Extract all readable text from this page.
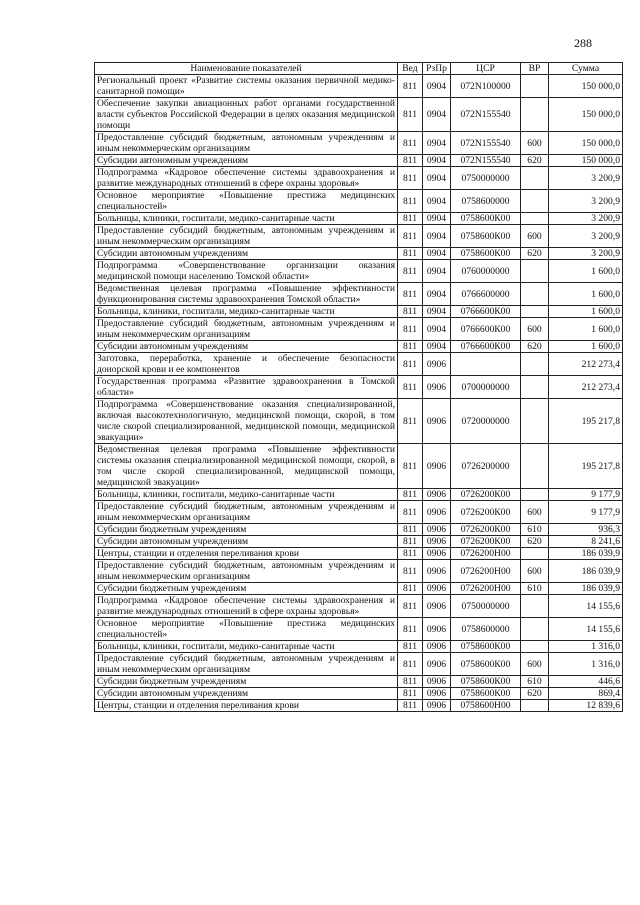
288
Наименование показателей	Вед	РзПр	ЦСР	ВР	Сумма
Региональный проект «Развитие системы оказания первичной медико-санитарной помощи»	811	0904	072N100000		150 000,0
Обеспечение закупки авиационных работ органами государственной власти субъектов Российской Федерации в целях оказания медицинской помощи	811	0904	072N155540		150 000,0
Предоставление субсидий бюджетным, автономным учреждениям и иным некоммерческим организациям	811	0904	072N155540	600	150 000,0
Субсидии автономным учреждениям	811	0904	072N155540	620	150 000,0
Подпрограмма «Кадровое обеспечение системы здравоохранения и развитие международных отношений в сфере охраны здоровья»	811	0904	0750000000		3 200,9
Основное мероприятие «Повышение престижа медицинских специальностей»	811	0904	0758600000		3 200,9
Больницы, клиники, госпитали, медико-санитарные части	811	0904	0758600К00		3 200,9
Предоставление субсидий бюджетным, автономным учреждениям и иным некоммерческим организациям	811	0904	0758600К00	600	3 200,9
Субсидии автономным учреждениям	811	0904	0758600К00	620	3 200,9
Подпрограмма «Совершенствование организации оказания медицинской помощи населению Томской области»	811	0904	0760000000		1 600,0
Ведомственная целевая программа «Повышение эффективности функционирования системы здравоохранения Томской области»	811	0904	0766600000		1 600,0
Больницы, клиники, госпитали, медико-санитарные части	811	0904	0766600К00		1 600,0
Предоставление субсидий бюджетным, автономным учреждениям и иным некоммерческим организациям	811	0904	0766600К00	600	1 600,0
Субсидии автономным учреждениям	811	0904	0766600К00	620	1 600,0
Заготовка, переработка, хранение и обеспечение безопасности донорской крови и ее компонентов	811	0906			212 273,4
Государственная программа «Развитие здравоохранения в Томской области»	811	0906	0700000000		212 273,4
Подпрограмма «Совершенствование оказания специализированной, включая высокотехнологичную, медицинской помощи, скорой, в том числе скорой специализированной, медицинской помощи, медицинской эвакуации»	811	0906	0720000000		195 217,8
Ведомственная целевая программа «Повышение эффективности системы оказания специализированной медицинской помощи, скорой, в том числе скорой специализированной, медицинской помощи, медицинской эвакуации»	811	0906	0726200000		195 217,8
Больницы, клиники, госпитали, медико-санитарные части	811	0906	0726200К00		9 177,9
Предоставление субсидий бюджетным, автономным учреждениям и иным некоммерческим организациям	811	0906	0726200К00	600	9 177,9
Субсидии бюджетным учреждениям	811	0906	0726200К00	610	936,3
Субсидии автономным учреждениям	811	0906	0726200К00	620	8 241,6
Центры, станции и отделения переливания крови	811	0906	0726200Н00		186 039,9
Предоставление субсидий бюджетным, автономным учреждениям и иным некоммерческим организациям	811	0906	0726200Н00	600	186 039,9
Субсидии бюджетным учреждениям	811	0906	0726200Н00	610	186 039,9
Подпрограмма «Кадровое обеспечение системы здравоохранения и развитие международных отношений в сфере охраны здоровья»	811	0906	0750000000		14 155,6
Основное мероприятие «Повышение престижа медицинских специальностей»	811	0906	0758600000		14 155,6
Больницы, клиники, госпитали, медико-санитарные части	811	0906	0758600К00		1 316,0
Предоставление субсидий бюджетным, автономным учреждениям и иным некоммерческим организациям	811	0906	0758600К00	600	1 316,0
Субсидии бюджетным учреждениям	811	0906	0758600К00	610	446,6
Субсидии автономным учреждениям	811	0906	0758600К00	620	869,4
Центры, станции и отделения переливания крови	811	0906	0758600Н00		12 839,6
